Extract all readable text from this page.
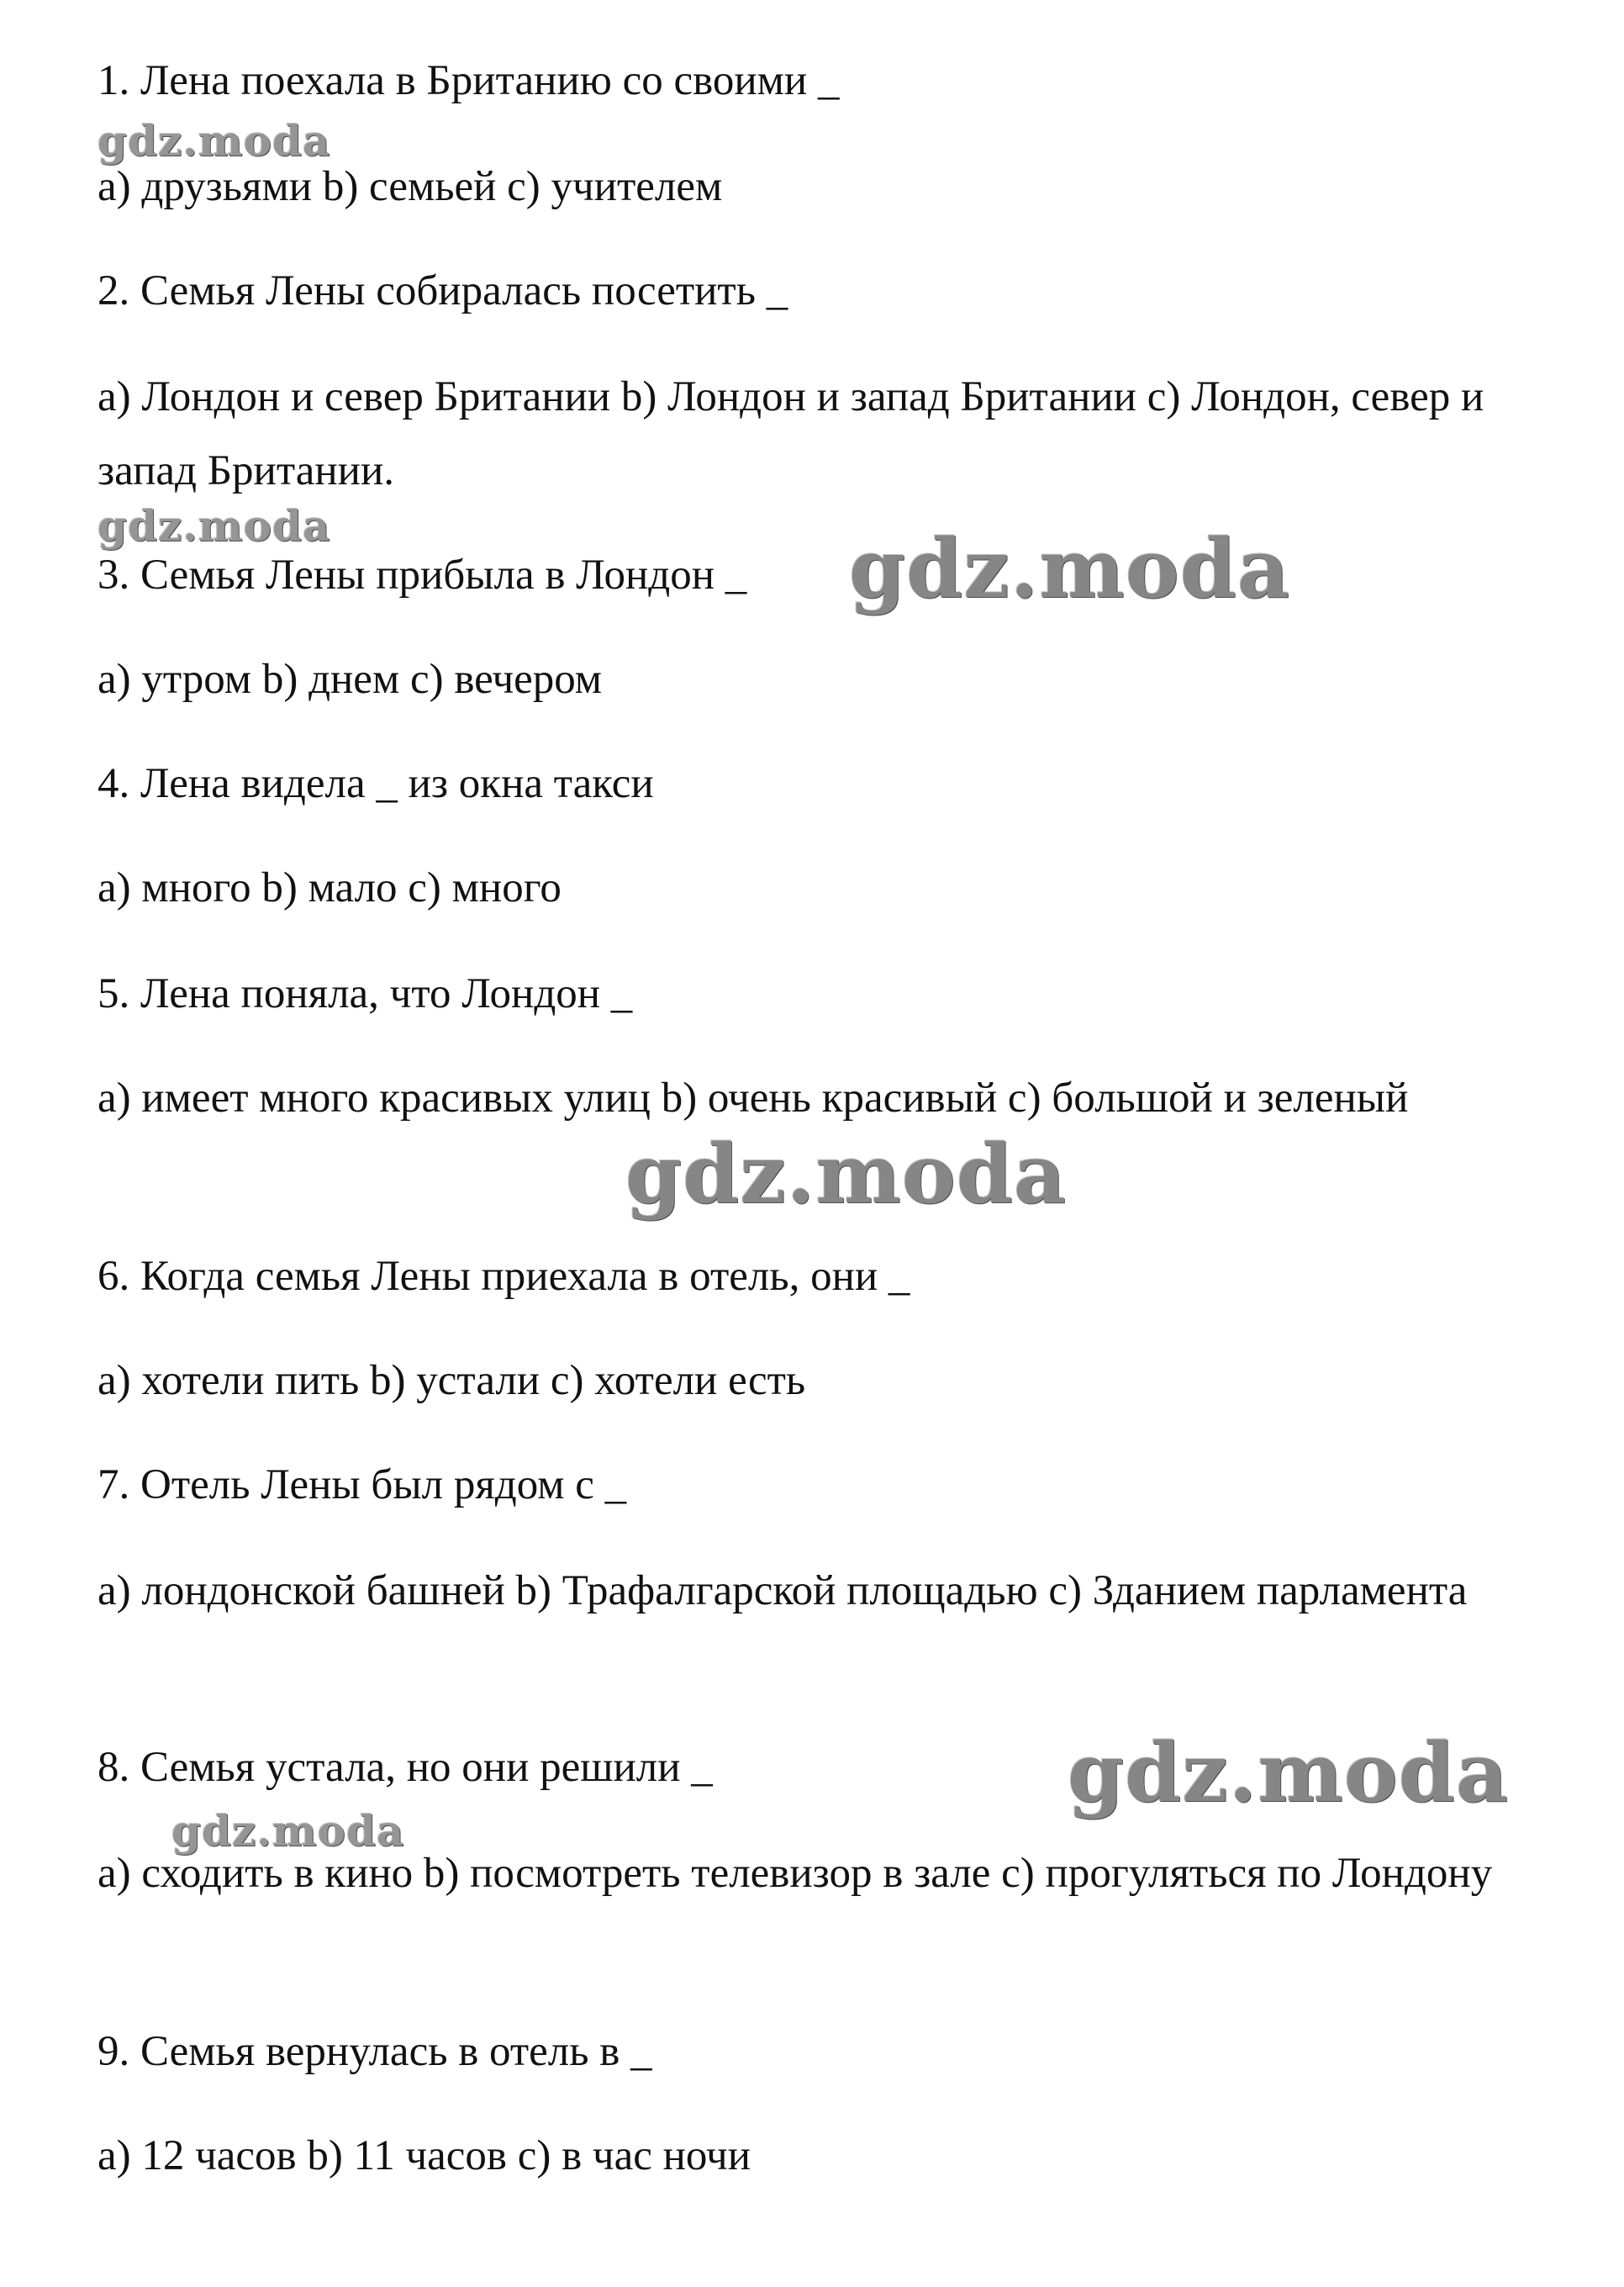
1. Лена поехала в Британию со своими _

a) друзьями b) семьей c) учителем

2. Семья Лены собиралась посетить _

a) Лондон и север Британии b) Лондон и запад Британии c) Лондон, север и запад Британии.

3. Семья Лены прибыла в Лондон _

a) утром b) днем c) вечером

4. Лена видела _ из окна такси

a) много b) мало c) много

5. Лена поняла, что Лондон _

a) имеет много красивых улиц b) очень красивый c) большой и зеленый

6. Когда семья Лены приехала в отель, они _

a) хотели пить b) устали c) хотели есть

7. Отель Лены был рядом с _

a) лондонской башней b) Трафалгарской площадью c) Зданием парламента

8. Семья устала, но они решили _

a) сходить в кино b) посмотреть телевизор в зале c) прогуляться по Лондону

9. Семья вернулась в отель в _

a) 12 часов b) 11 часов c) в час ночи

gdz.moda
gdz.moda	gdz.moda
gdz.moda
gdz.moda
gdz.moda
